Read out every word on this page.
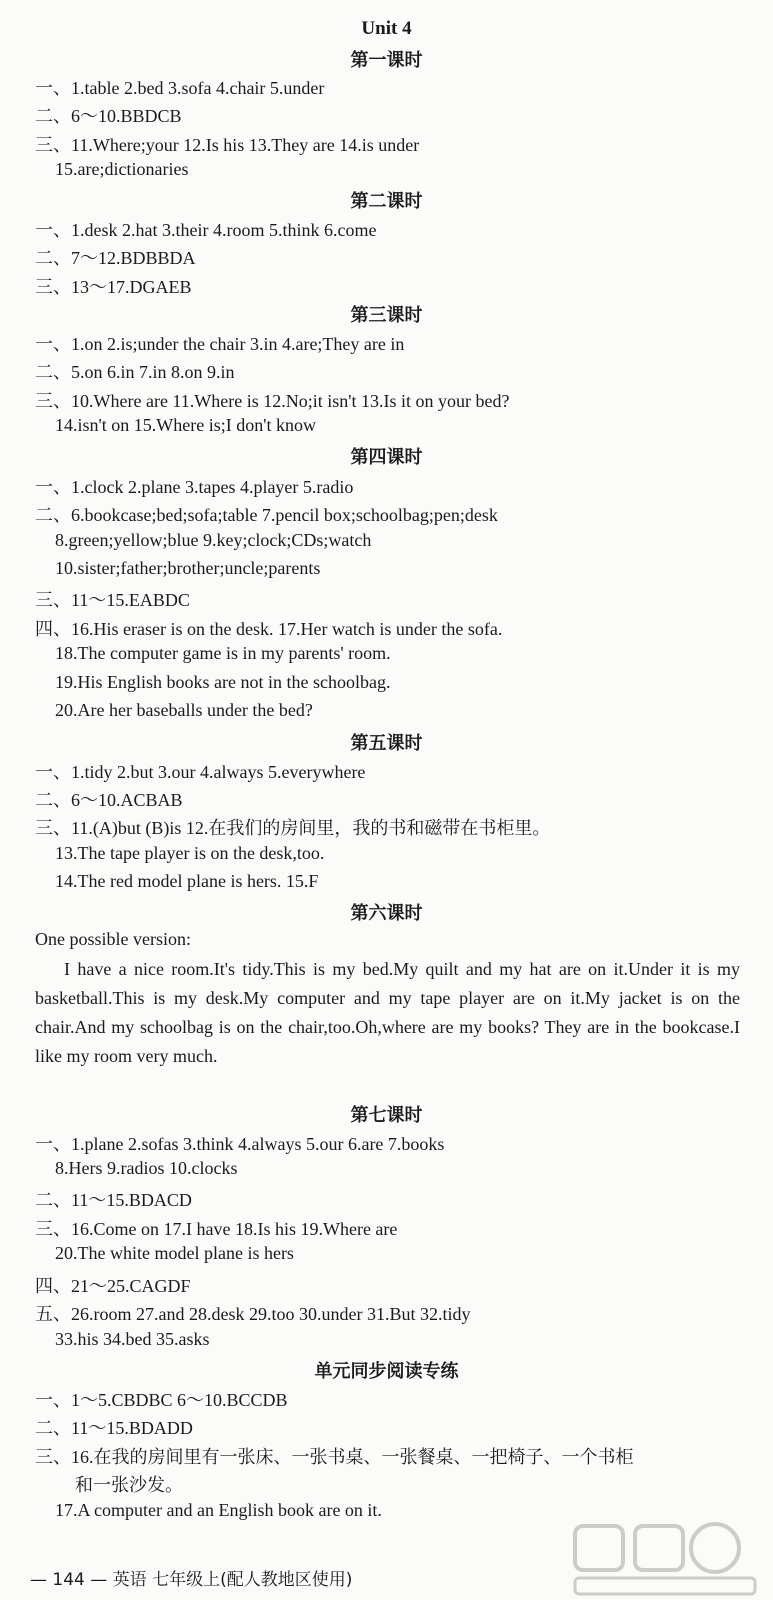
Unit 4
第一课时
一、1.table 2.bed 3.sofa 4.chair 5.under
二、6～10.BBDCB
三、11.Where;your 12.Is his 13.They are 14.is under
15.are;dictionaries
第二课时
一、1.desk 2.hat 3.their 4.room 5.think 6.come
二、7～12.BDBBDA
三、13～17.DGAEB
第三课时
一、1.on 2.is;under the chair 3.in 4.are;They are in
二、5.on 6.in 7.in 8.on 9.in
三、10.Where are 11.Where is 12.No;it isn't 13.Is it on your bed?
14.isn't on 15.Where is;I don't know
第四课时
一、1.clock 2.plane 3.tapes 4.player 5.radio
二、6.bookcase;bed;sofa;table 7.pencil box;schoolbag;pen;desk
8.green;yellow;blue 9.key;clock;CDs;watch
10.sister;father;brother;uncle;parents
三、11～15.EABDC
四、16.His eraser is on the desk. 17.Her watch is under the sofa.
18.The computer game is in my parents' room.
19.His English books are not in the schoolbag.
20.Are her baseballs under the bed?
第五课时
一、1.tidy 2.but 3.our 4.always 5.everywhere
二、6～10.ACBAB
三、11.(A)but (B)is 12.在我们的房间里，我的书和磁带在书柜里。
13.The tape player is on the desk,too.
14.The red model plane is hers. 15.F
第六课时
One possible version:
I have a nice room.It's tidy.This is my bed.My quilt and my hat are on it.Under it is my basketball.This is my desk.My computer and my tape player are on it.My jacket is on the chair.And my schoolbag is on the chair,too.Oh,where are my books? They are in the bookcase.I like my room very much.
第七课时
一、1.plane 2.sofas 3.think 4.always 5.our 6.are 7.books
8.Hers 9.radios 10.clocks
二、11～15.BDACD
三、16.Come on 17.I have 18.Is his 19.Where are
20.The white model plane is hers
四、21～25.CAGDF
五、26.room 27.and 28.desk 29.too 30.under 31.But 32.tidy
33.his 34.bed 35.asks
单元同步阅读专练
一、1～5.CBDBC 6～10.BCCDB
二、11～15.BDADD
三、16.在我的房间里有一张床、一张书桌、一张餐桌、一把椅子、一个书柜
和一张沙发。
17.A computer and an English book are on it.
— 144 — 英语 七年级上(配人教地区使用)
